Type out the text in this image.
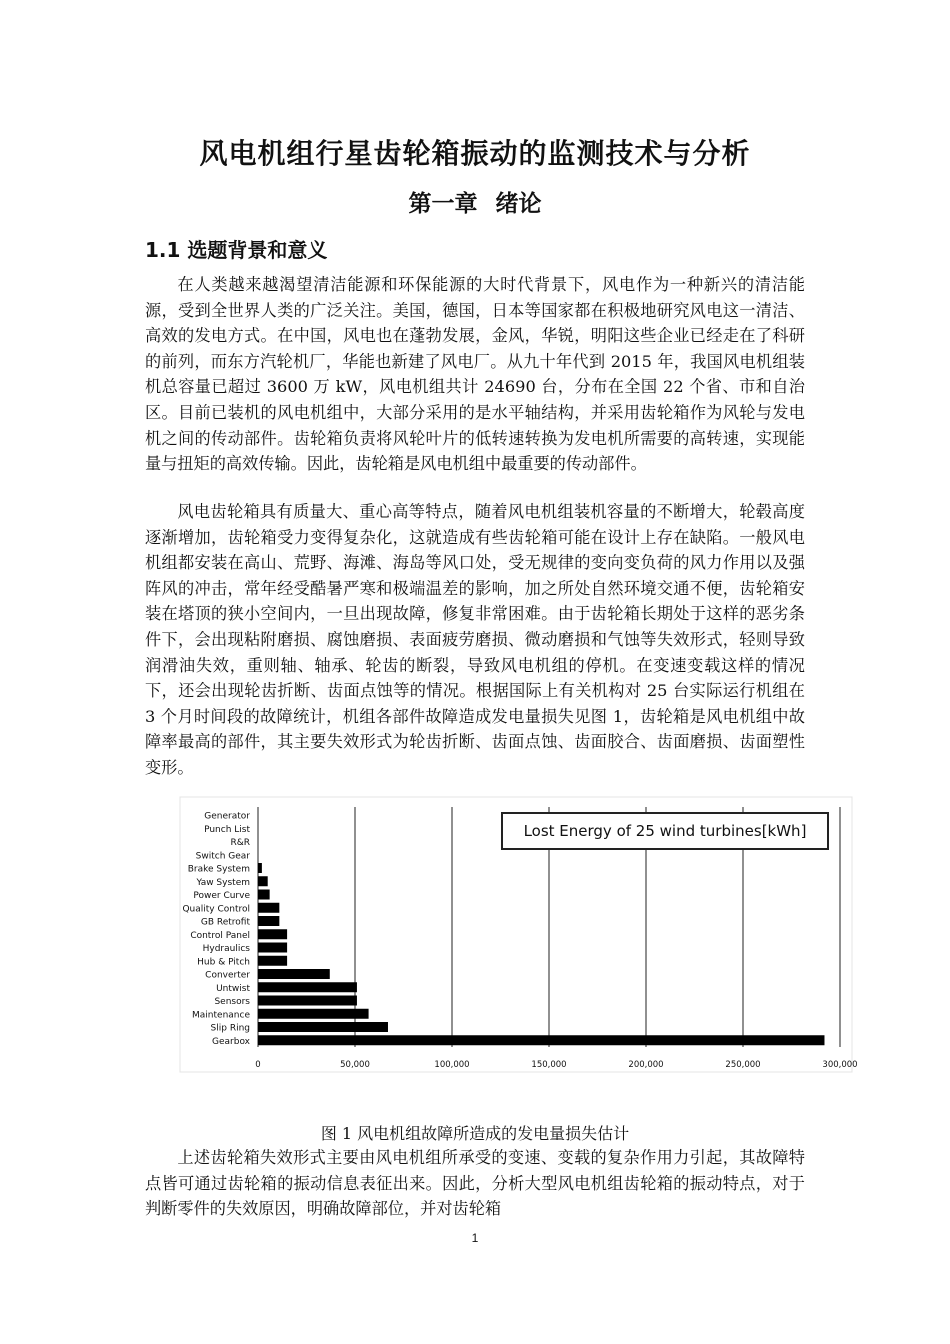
风电机组行星齿轮箱振动的监测技术与分析
第一章 绪论
1.1 选题背景和意义

在人类越来越渴望清洁能源和环保能源的大时代背景下，风电作为一种新兴的清洁能源，受到全世界人类的广泛关注。美国，德国，日本等国家都在积极地研究风电这一清洁、高效的发电方式。在中国，风电也在蓬勃发展，金风，华锐，明阳这些企业已经走在了科研的前列，而东方汽轮机厂，华能也新建了风电厂。从九十年代到 2015 年，我国风电机组装机总容量已超过 3600 万 kW，风电机组共计 24690 台，分布在全国 22 个省、市和自治区。目前已装机的风电机组中，大部分采用的是水平轴结构，并采用齿轮箱作为风轮与发电机之间的传动部件。齿轮箱负责将风轮叶片的低转速转换为发电机所需要的高转速，实现能量与扭矩的高效传输。因此，齿轮箱是风电机组中最重要的传动部件。

风电齿轮箱具有质量大、重心高等特点，随着风电机组装机容量的不断增大，轮毂高度逐渐增加，齿轮箱受力变得复杂化，这就造成有些齿轮箱可能在设计上存在缺陷。一般风电机组都安装在高山、荒野、海滩、海岛等风口处，受无规律的变向变负荷的风力作用以及强阵风的冲击，常年经受酷暑严寒和极端温差的影响，加之所处自然环境交通不便，齿轮箱安装在塔顶的狭小空间内，一旦出现故障，修复非常困难。由于齿轮箱长期处于这样的恶劣条件下，会出现粘附磨损、腐蚀磨损、表面疲劳磨损、微动磨损和气蚀等失效形式，轻则导致润滑油失效，重则轴、轴承、轮齿的断裂，导致风电机组的停机。在变速变载这样的情况下，还会出现轮齿折断、齿面点蚀等的情况。根据国际上有关机构对 25 台实际运行机组在 3 个月时间段的故障统计，机组各部件故障造成发电量损失见图 1，齿轮箱是风电机组中故障率最高的部件，其主要失效形式为轮齿折断、齿面点蚀、齿面胶合、齿面磨损、齿面塑性变形。

0	50,000	100,000	150,000	200,000	250,000	300,000
Generator
Punch List
R&R
Switch Gear
Brake System
Yaw System
Power Curve
Quality Control
GB Retrofit
Control Panel
Hydraulics
Hub & Pitch
Converter
Untwist
Sensors
Maintenance
Slip Ring
Gearbox
Lost Energy of 25 wind turbines[kWh]
图 1 风电机组故障所造成的发电量损失估计

上述齿轮箱失效形式主要由风电机组所承受的变速、变载的复杂作用力引起，其故障特点皆可通过齿轮箱的振动信息表征出来。因此，分析大型风电机组齿轮箱的振动特点，对于判断零件的失效原因，明确故障部位，并对齿轮箱

1
